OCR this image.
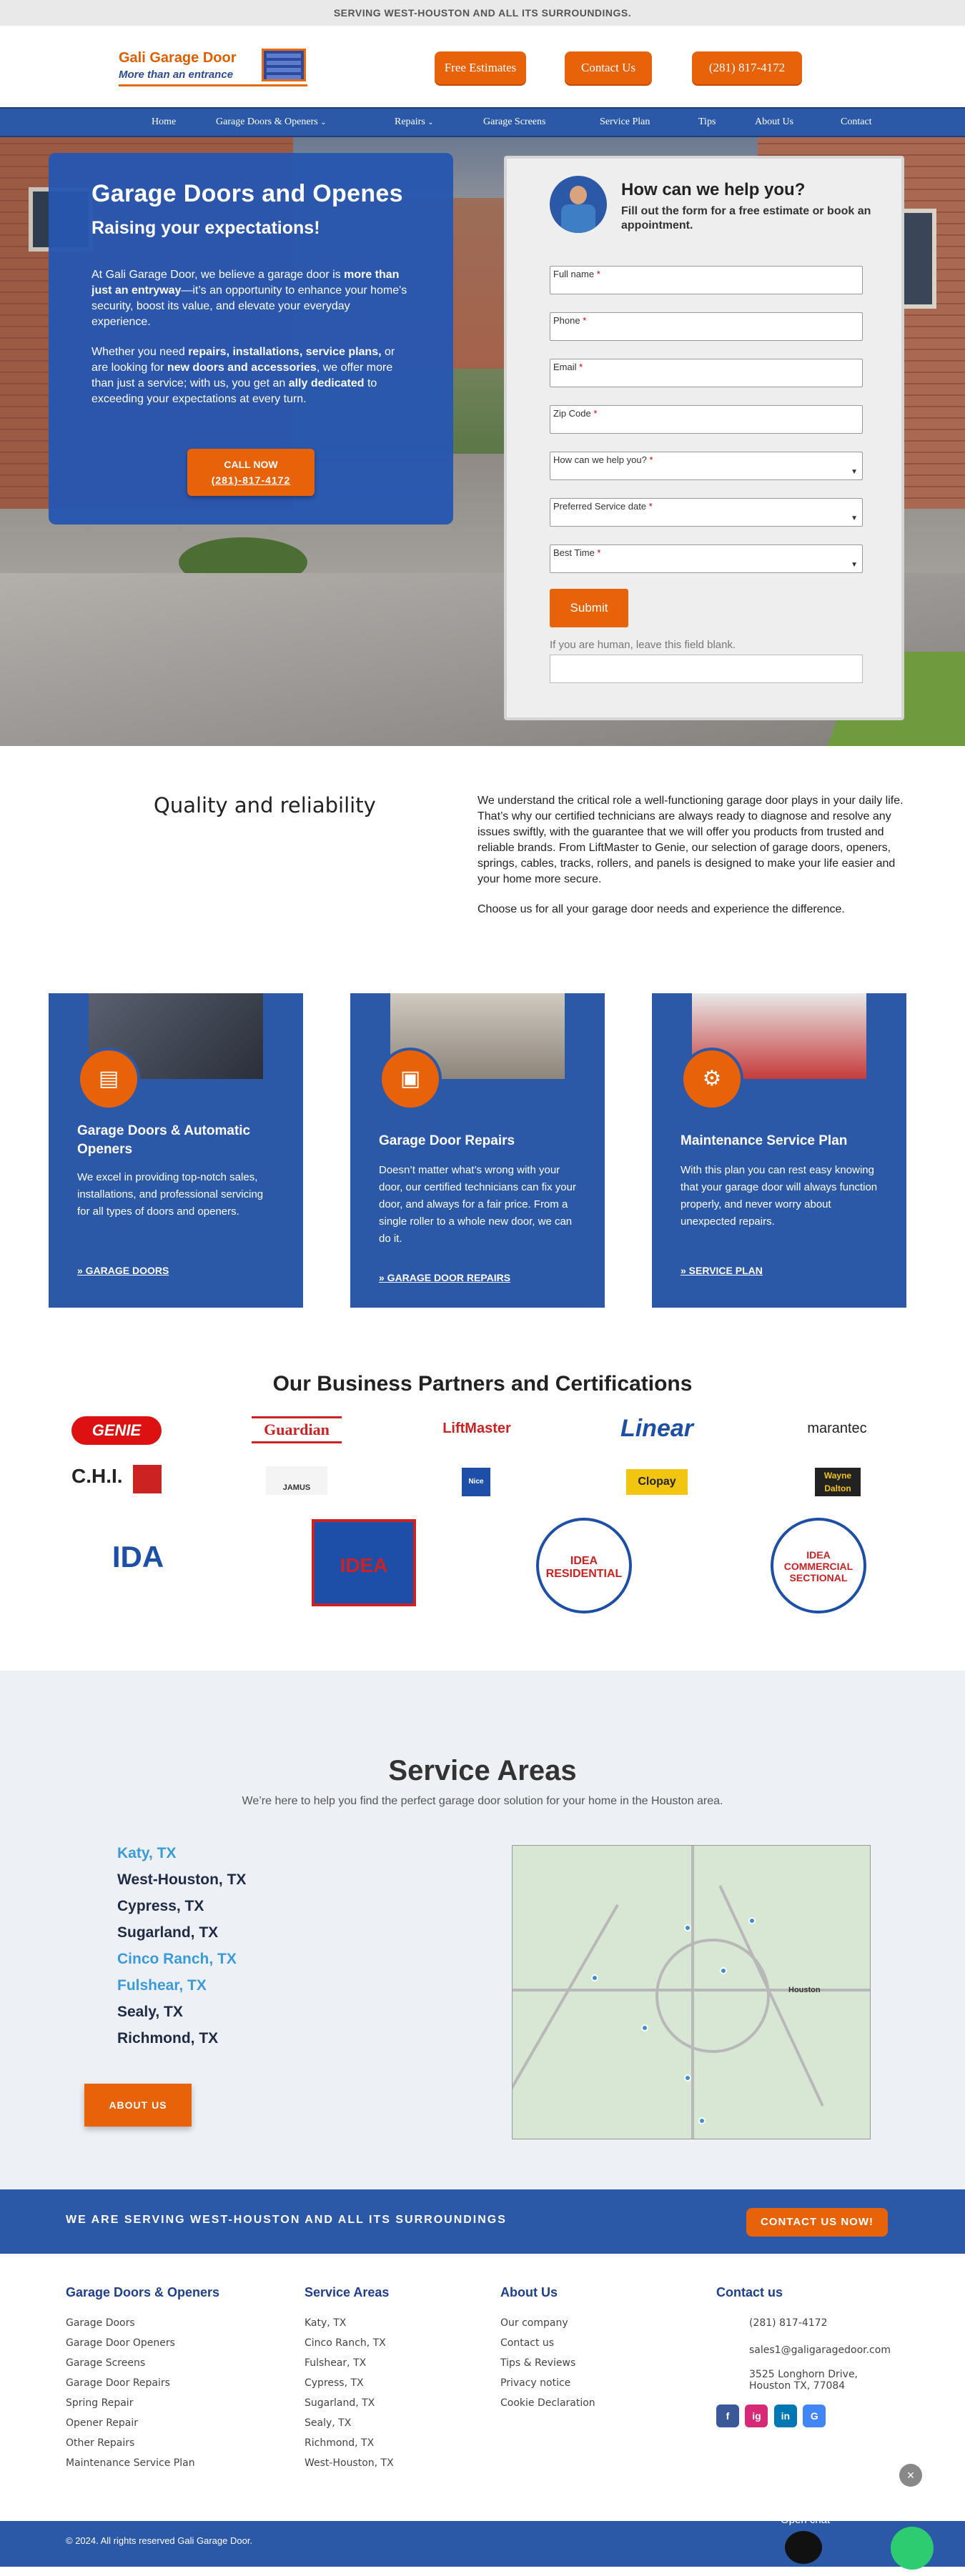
SERVING WEST-HOUSTON AND ALL ITS SURROUNDINGS.
Gali Garage Door
More than an entrance
Free Estimates	Contact Us	(281) 817-4172
Home	Garage Doors & Openers ⌄	Repairs ⌄	Garage Screens	Service Plan	Tips	About Us	Contact
Garage Doors and Openes
Raising your expectations!

At Gali Garage Door, we believe a garage door is more than just an entryway—it’s an opportunity to enhance your home's security, boost its value, and elevate your everyday experience.

Whether you need repairs, installations, service plans, or are looking for new doors and accessories, we offer more than just a service; with us, you get an ally dedicated to exceeding your expectations at every turn.

CALL NOW
(281)-817-4172
How can we help you?
Fill out the form for a free estimate or book an appointment.
Full name *
Phone *
Email *
Zip Code *
How can we help you? *
▼
Preferred Service date *
▼
Best Time *
▼
Submit
If you are human, leave this field blank.
Quality and reliability	We understand the critical role a well-functioning garage door plays in your daily life. That’s why our certified technicians are always ready to diagnose and resolve any issues swiftly, with the guarantee that we will offer you products from trusted and reliable brands. From LiftMaster to Genie, our selection of garage doors, openers, springs, cables, tracks, rollers, and panels is designed to make your life easier and your home more secure.

Choose us for all your garage door needs and experience the difference.

▤
Garage Doors & Automatic Openers
We excel in providing top-notch sales, installations, and professional servicing for all types of doors and openers.
» GARAGE DOORS
▣
Garage Door Repairs
Doesn’t matter what’s wrong with your door, our certified technicians can fix your door, and always for a fair price. From a single roller to a whole new door, we can do it.
» GARAGE DOOR REPAIRS
⚙
Maintenance Service Plan
With this plan you can rest easy knowing that your garage door will always function properly, and never worry about unexpected repairs.
» SERVICE PLAN
Our Business Partners and Certifications
GENIE	Guardian	LiftMaster	Linear	marantec
C.H.I.
JAMUS
Nice	Clopay	Wayne Dalton
IDA	IDEA	IDEA RESIDENTIAL
IDEA COMMERCIAL SECTIONAL
Service Areas
We’re here to help you find the perfect garage door solution for your home in the Houston area.
Katy, TX
West-Houston, TX
Cypress, TX
Sugarland, TX
Cinco Ranch, TX
Fulshear, TX
Sealy, TX
Richmond, TX
ABOUT US
Houston
WE ARE SERVING WEST-HOUSTON AND ALL ITS SURROUNDINGS	CONTACT US NOW!
Garage Doors & Openers
Garage Doors
Garage Door Openers
Garage Screens
Garage Door Repairs
Spring Repair
Opener Repair
Other Repairs
Maintenance Service Plan
Service Areas
Katy, TX
Cinco Ranch, TX
Fulshear, TX
Cypress, TX
Sugarland, TX
Sealy, TX
Richmond, TX
West-Houston, TX
About Us
Our company
Contact us
Tips & Reviews
Privacy notice
Cookie Declaration
Contact us
(281) 817-4172
sales1@galigaragedoor.com
3525 Longhorn Drive,
Houston TX, 77084
f ig in G
×
© 2024. All rights reserved Gali Garage Door.
Open chat
